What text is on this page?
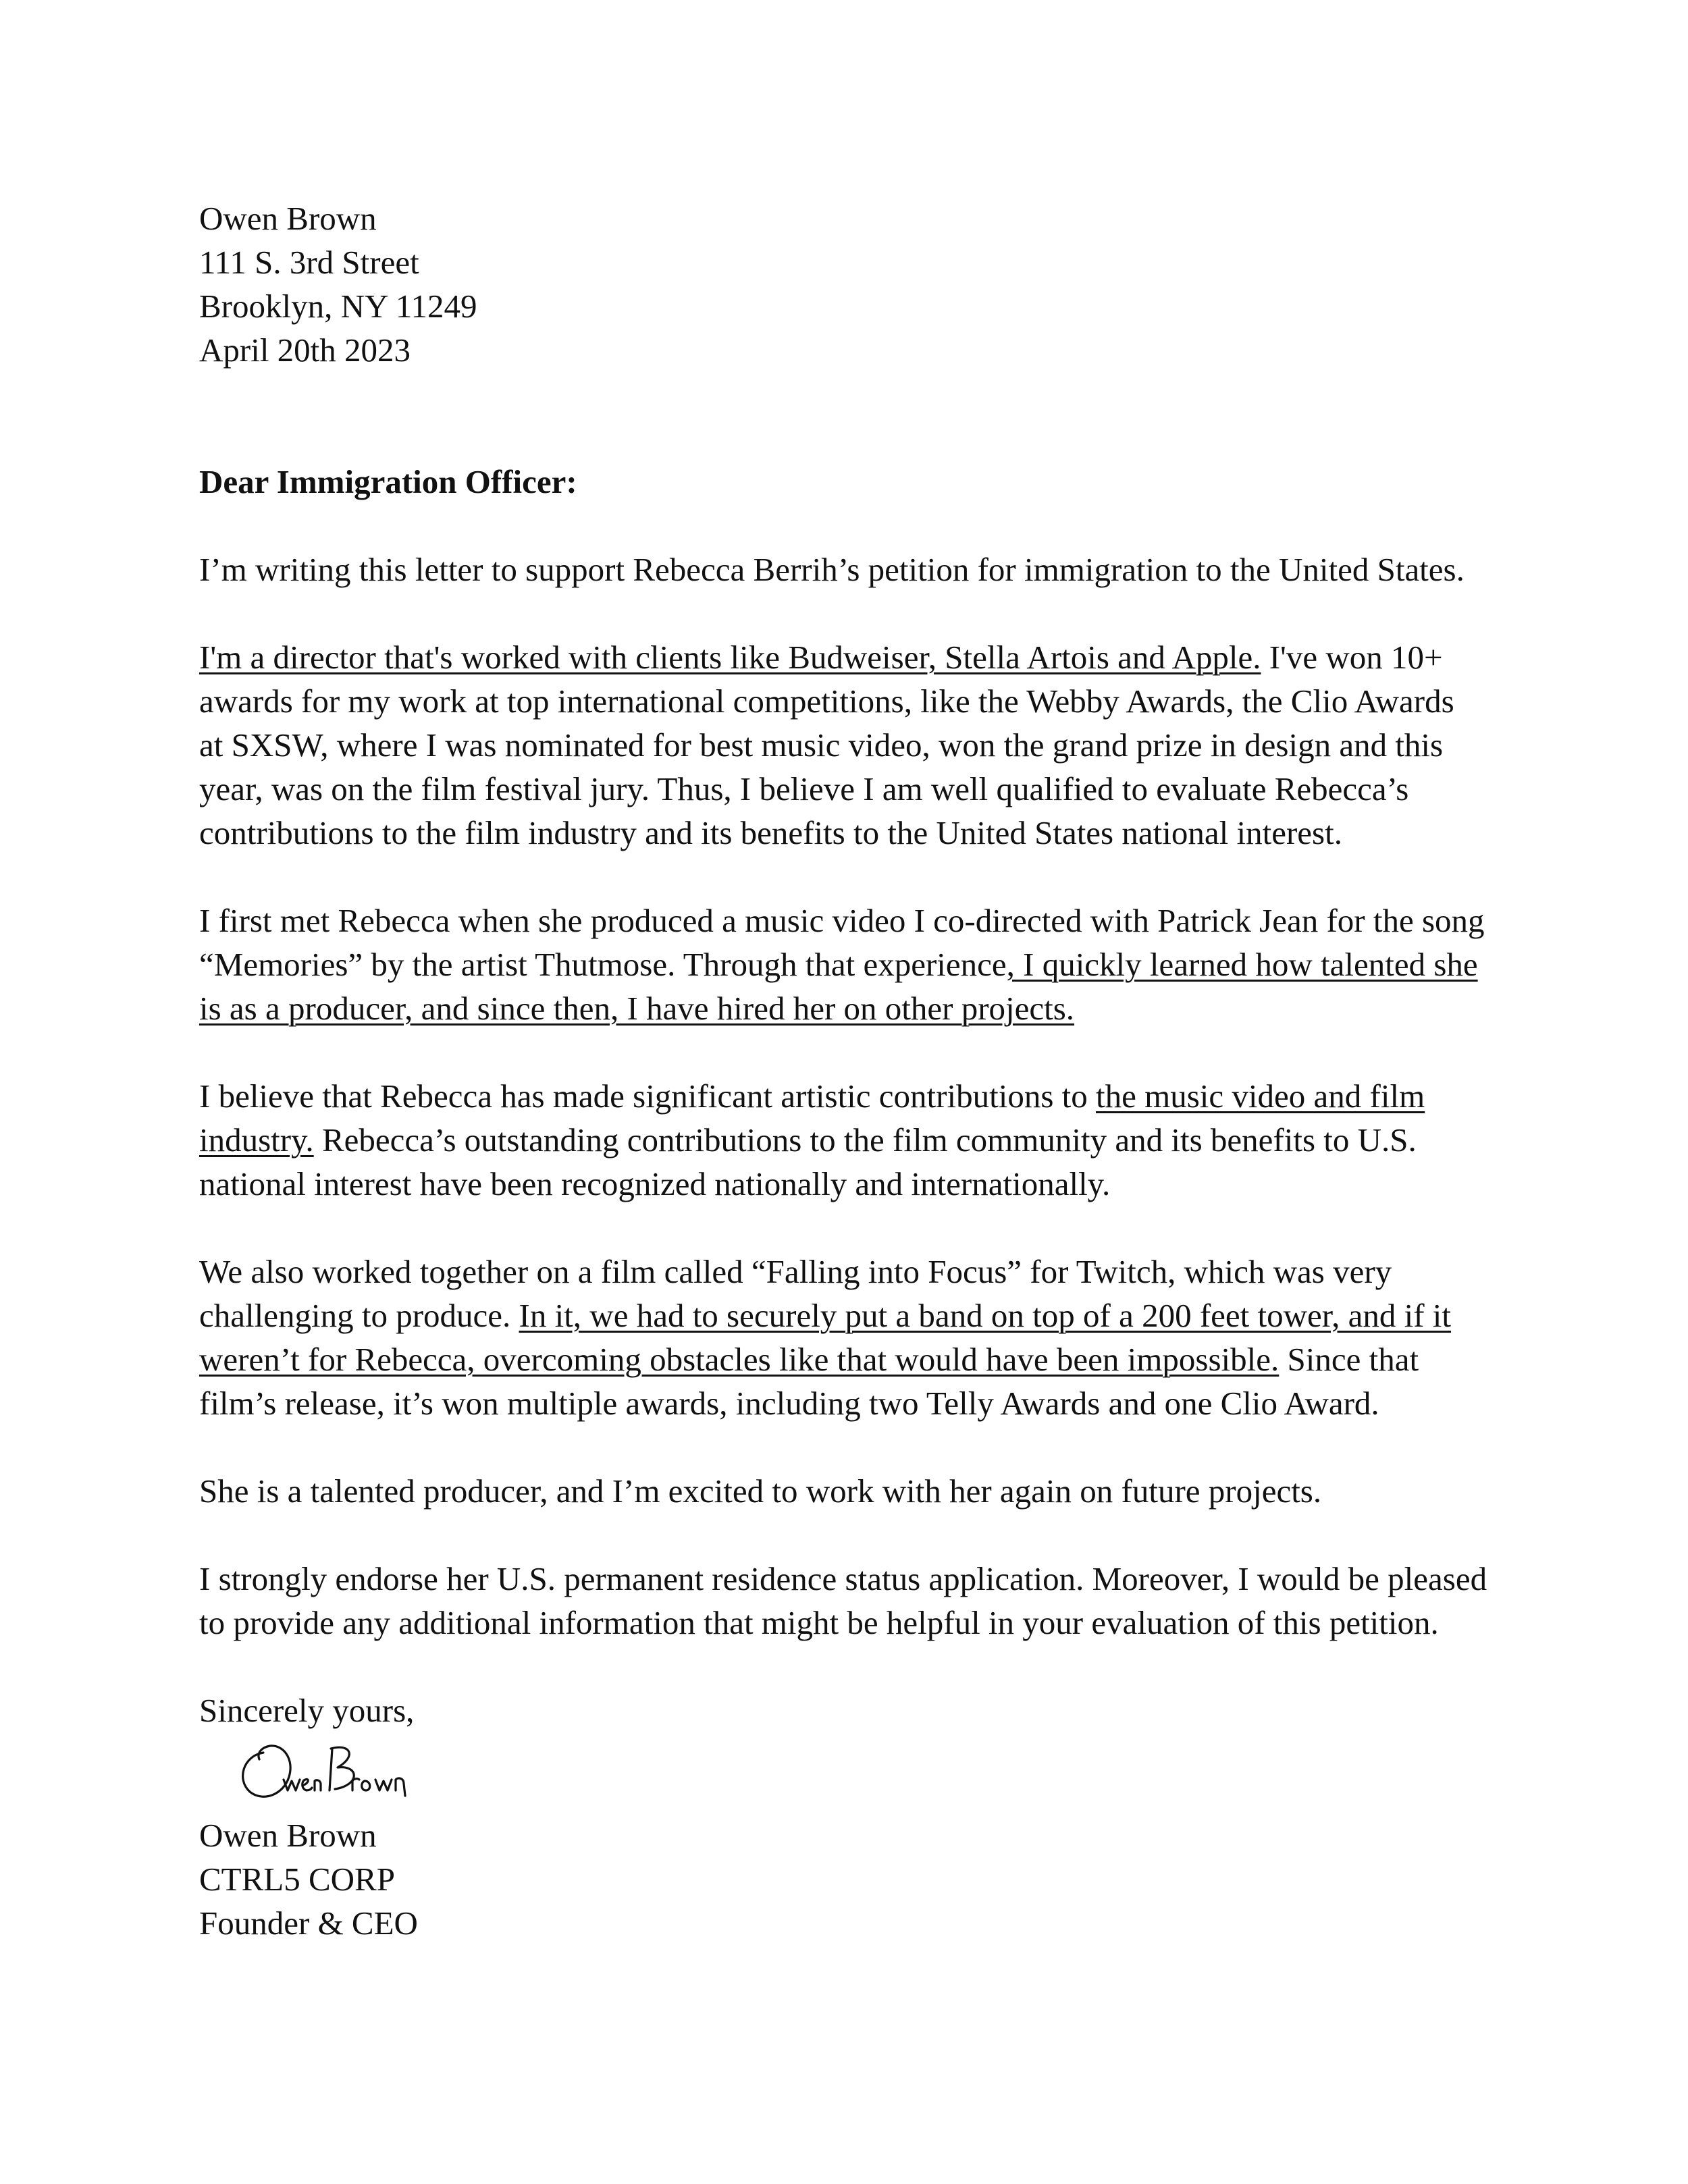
Owen Brown
111 S. 3rd Street
Brooklyn, NY 11249
April 20th 2023
Dear Immigration Officer:
I’m writing this letter to support Rebecca Berrih’s petition for immigration to the United States.
I'm a director that's worked with clients like Budweiser, Stella Artois and Apple. I've won 10+
awards for my work at top international competitions, like the Webby Awards, the Clio Awards
at SXSW, where I was nominated for best music video, won the grand prize in design and this
year, was on the film festival jury. Thus, I believe I am well qualified to evaluate Rebecca’s
contributions to the film industry and its benefits to the United States national interest.
I first met Rebecca when she produced a music video I co-directed with Patrick Jean for the song
“Memories” by the artist Thutmose. Through that experience, I quickly learned how talented she
is as a producer, and since then, I have hired her on other projects.
I believe that Rebecca has made significant artistic contributions to the music video and film
industry. Rebecca’s outstanding contributions to the film community and its benefits to U.S.
national interest have been recognized nationally and internationally.
We also worked together on a film called “Falling into Focus” for Twitch, which was very
challenging to produce. In it, we had to securely put a band on top of a 200 feet tower, and if it
weren’t for Rebecca, overcoming obstacles like that would have been impossible. Since that
film’s release, it’s won multiple awards, including two Telly Awards and one Clio Award.
She is a talented producer, and I’m excited to work with her again on future projects.
I strongly endorse her U.S. permanent residence status application. Moreover, I would be pleased
to provide any additional information that might be helpful in your evaluation of this petition.
Sincerely yours,
Owen Brown
CTRL5 CORP
Founder & CEO
